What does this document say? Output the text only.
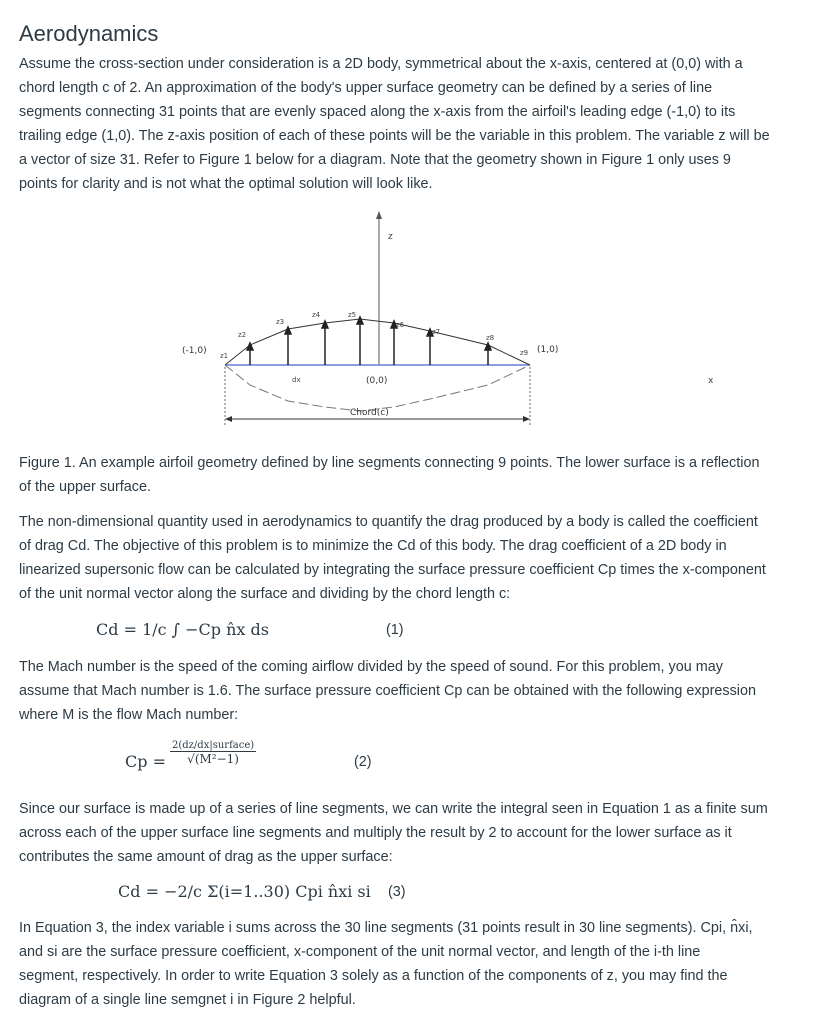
Aerodynamics

Assume the cross-section under consideration is a 2D body, symmetrical about the x-axis, centered at (0,0) with a
chord length c of 2. An approximation of the body's upper surface geometry can be defined by a series of line
segments connecting 31 points that are evenly spaced along the x-axis from the airfoil's leading edge (-1,0) to its
trailing edge (1,0). The z-axis position of each of these points will be the variable in this problem. The variable z will be
a vector of size 31. Refer to Figure 1 below for a diagram. Note that the geometry shown in Figure 1 only uses 9
points for clarity and is not what the optimal solution will look like.

z
x
z1
z2
z3
z4	z5
z6
z7
z8
z9
(-1,0)	(1,0)
(0,0)
dx
Chord(c)

Figure 1. An example airfoil geometry defined by line segments connecting 9 points. The lower surface is a reflection
of the upper surface.

The non-dimensional quantity used in aerodynamics to quantify the drag produced by a body is called the coefficient
of drag Cd. The objective of this problem is to minimize the Cd of this body. The drag coefficient of a 2D body in
linearized supersonic flow can be calculated by integrating the surface pressure coefficient Cp times the x-component
of the unit normal vector along the surface and dividing by the chord length c:

Cd = 1/c ∫ −Cp n̂x ds	(1)

The Mach number is the speed of the coming airflow divided by the speed of sound. For this problem, you may
assume that Mach number is 1.6. The surface pressure coefficient Cp can be obtained with the following expression
where M is the flow Mach number:

Cp =
2(dz/dx|surface)
√(M²−1)	(2)

Since our surface is made up of a series of line segments, we can write the integral seen in Equation 1 as a finite sum
across each of the upper surface line segments and multiply the result by 2 to account for the lower surface as it
contributes the same amount of drag as the upper surface:

Cd = −2/c Σ(i=1..30) Cpi n̂xi si (3)

In Equation 3, the index variable i sums across the 30 line segments (31 points result in 30 line segments). Cpi, n̂xi,
and si are the surface pressure coefficient, x-component of the unit normal vector, and length of the i-th line
segment, respectively. In order to write Equation 3 solely as a function of the components of z, you may find the
diagram of a single line semgnet i in Figure 2 helpful.
